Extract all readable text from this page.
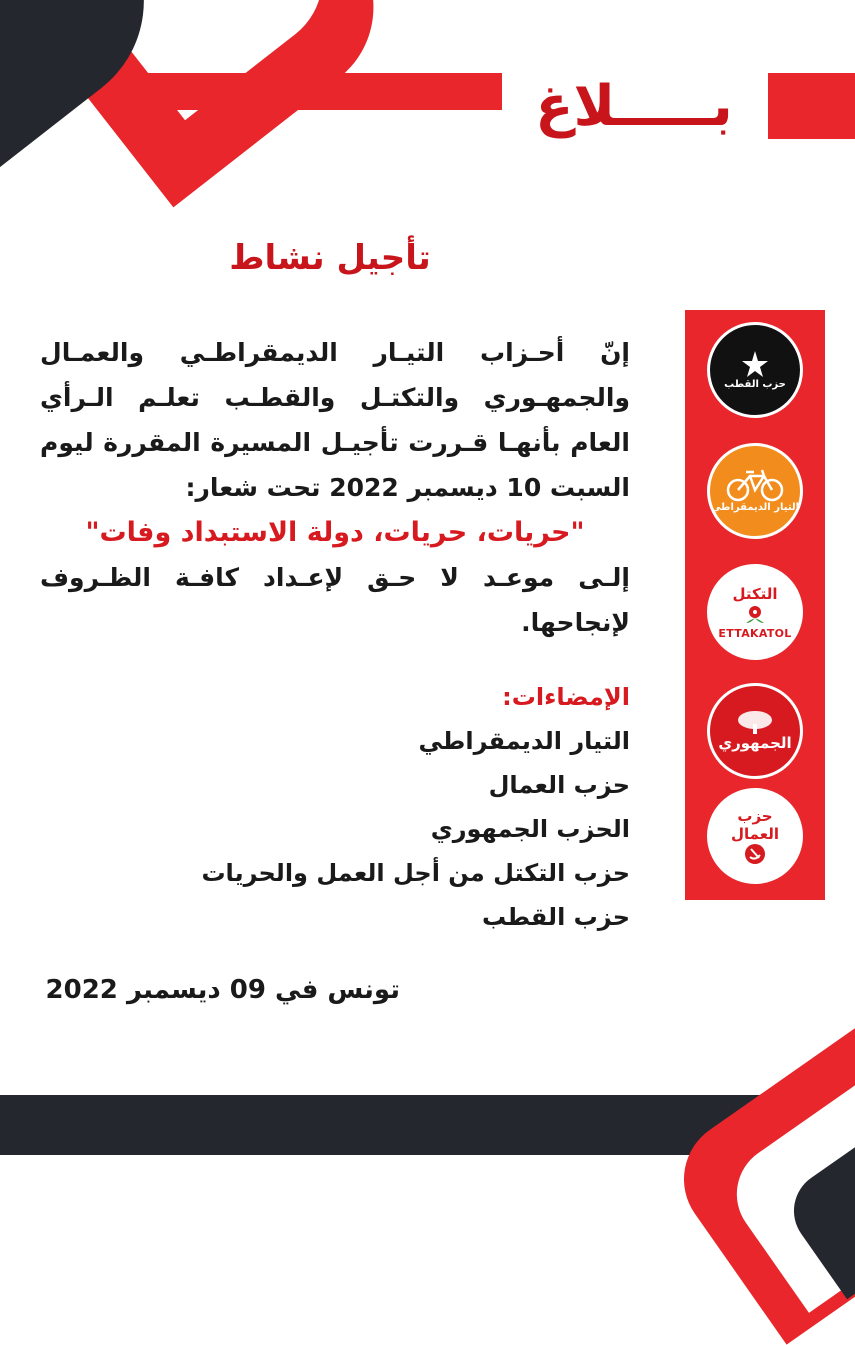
بـــــلاغ
تأجيل نشاط

إنّ أحـزاب التيـار الديمقراطـي والعمـال والجمهـوري والتكتـل والقطـب تعلـم الـرأي العام بأنهـا قـررت تأجيـل المسيرة المقررة ليوم السبت 10 ديسمبر 2022 تحت شعار:

"حريات، حريات، دولة الاستبداد وفات"

إلـى موعـد لا حـق لإعـداد كافـة الظـروف لإنجاحها.

الإمضاءات:
التيار الديمقراطي
حزب العمال
الحزب الجمهوري
حزب التكتل من أجل العمل والحريات
حزب القطب
تونس في 09 ديسمبر 2022
حزب القطب
التيار الديمقراطي
التكتل
ETTAKATOL
الجمهوري
حزب
العمال
